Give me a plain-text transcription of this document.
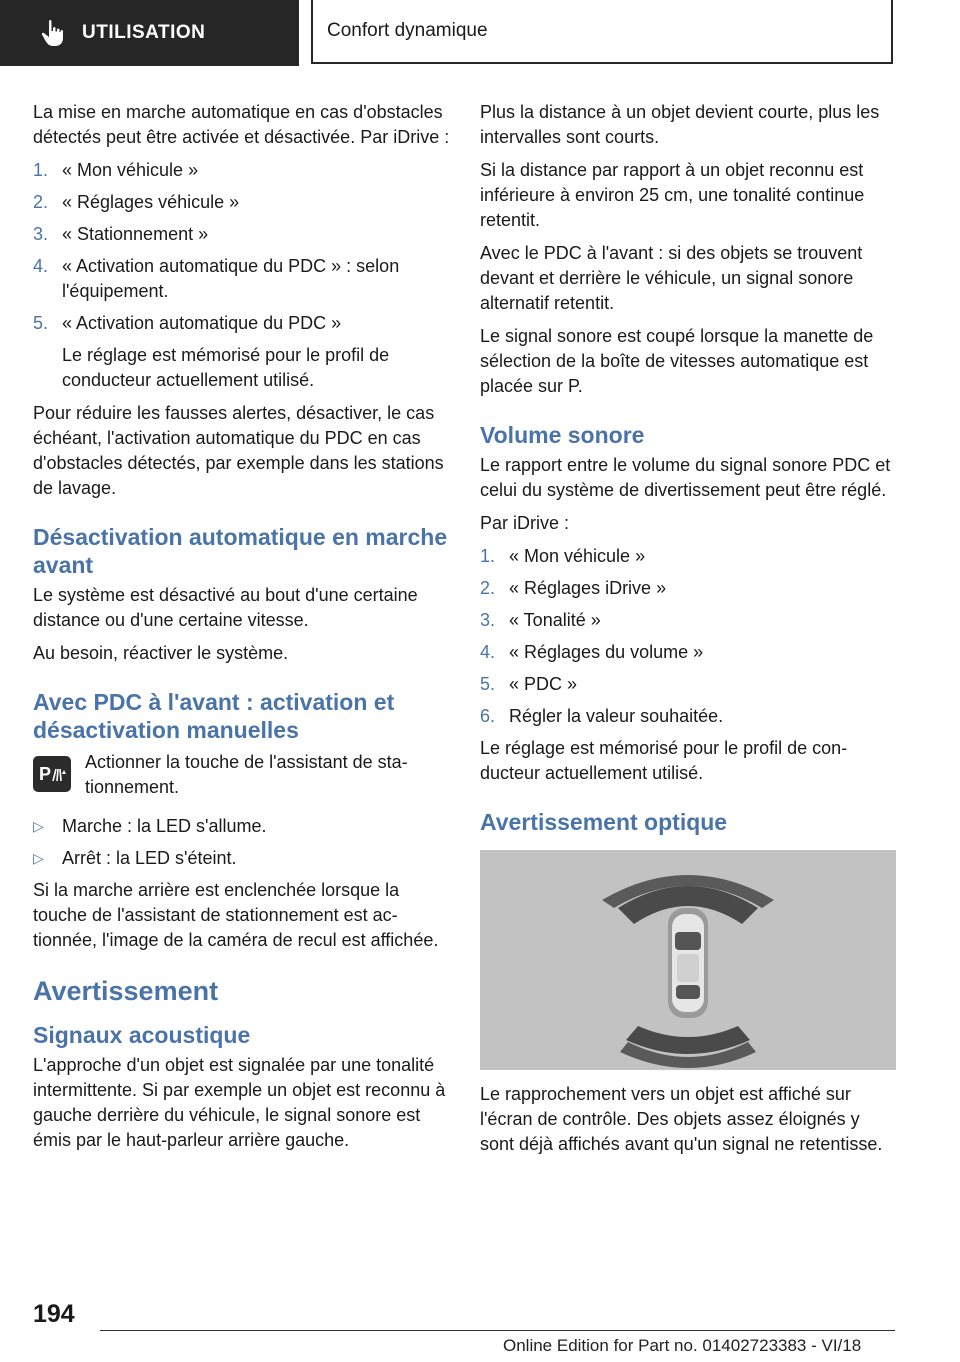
UTILISATION	Confort dynamique

La mise en marche automatique en cas d'obstacles détectés peut être activée et désactivée. Par iDrive :

1. « Mon véhicule »
2. « Réglages véhicule »
3. « Stationnement »
4. « Activation automatique du PDC » : selon l'équipement.
5. « Activation automatique du PDC »

Le réglage est mémorisé pour le profil de conducteur actuellement utilisé.

Pour réduire les fausses alertes, désactiver, le cas échéant, l'activation automatique du PDC en cas d'obstacles détectés, par exemple dans les stations de lavage.

Désactivation automatique en marche avant

Le système est désactivé au bout d'une certaine distance ou d'une certaine vitesse.

Au besoin, réactiver le système.

Avec PDC à l'avant : activation et désactivation manuelles
P
Actionner la touche de l'assistant de stationnement.
▷	Marche : la LED s'allume.
▷	Arrêt : la LED s'éteint.

Si la marche arrière est enclenchée lorsque la touche de l'assistant de stationnement est actionnée, l'image de la caméra de recul est affichée.

Avertissement
Signaux acoustique

L'approche d'un objet est signalée par une tonalité intermittente. Si par exemple un objet est reconnu à gauche derrière du véhicule, le signal sonore est émis par le haut-parleur arrière gauche.

Plus la distance à un objet devient courte, plus les intervalles sont courts.

Si la distance par rapport à un objet reconnu est inférieure à environ 25 cm, une tonalité continue retentit.

Avec le PDC à l'avant : si des objets se trouvent devant et derrière le véhicule, un signal sonore alternatif retentit.

Le signal sonore est coupé lorsque la manette de sélection de la boîte de vitesses automatique est placée sur P.

Volume sonore

Le rapport entre le volume du signal sonore PDC et celui du système de divertissement peut être réglé.

Par iDrive :

1. « Mon véhicule »
2. « Réglages iDrive »
3. « Tonalité »
4. « Réglages du volume »
5. « PDC »
6. Régler la valeur souhaitée.

Le réglage est mémorisé pour le profil de conducteur actuellement utilisé.

Avertissement optique

Le rapprochement vers un objet est affiché sur l'écran de contrôle. Des objets assez éloignés y sont déjà affichés avant qu'un signal ne retentisse.

194
Online Edition for Part no. 01402723383 - VI/18
